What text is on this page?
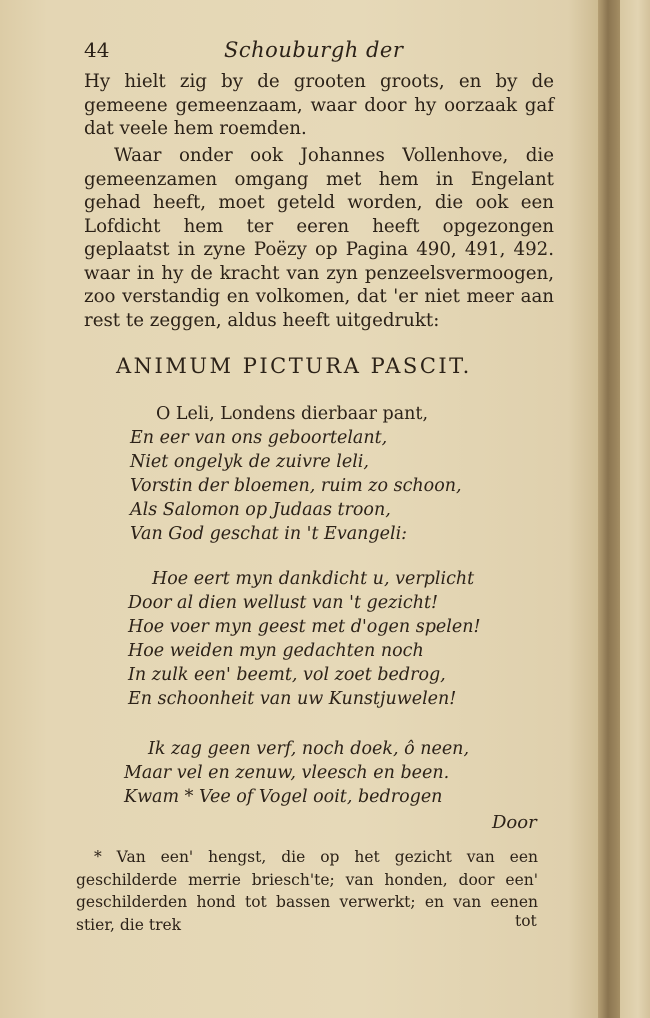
44	Schouburgh der

Hy hielt zig by de grooten groots, en by de gemeene gemeenzaam, waar door hy oorzaak gaf dat veele hem roemden.

Waar onder ook Johannes Vollenhove, die gemeenzamen omgang met hem in Engelant gehad heeft, moet geteld worden, die ook een Lofdicht hem ter eeren heeft opgezongen geplaatst in zyne Poëzy op Pagina 490, 491, 492. waar in hy de kracht van zyn penzeelsvermoogen, zoo verstandig en volkomen, dat 'er niet meer aan rest te zeggen, aldus heeft uitgedrukt:

ANIMUM PICTURA PASCIT.
O Leli, Londens dierbaar pant,
En eer van ons geboortelant,
Niet ongelyk de zuivre leli,
Vorstin der bloemen, ruim zo schoon,
Als Salomon op Judaas troon,
Van God geschat in 't Evangeli:
Hoe eert myn dankdicht u, verplicht
Door al dien wellust van 't gezicht!
Hoe voer myn geest met d'ogen spelen!
Hoe weiden myn gedachten noch
In zulk een' beemt, vol zoet bedrog,
En schoonheit van uw Kunstjuwelen!
Ik zag geen verf, noch doek, ô neen,
Maar vel en zenuw, vleesch en been.
Kwam * Vee of Vogel ooit, bedrogen
Door

* Van een' hengst, die op het gezicht van een geschilderde merrie briesch'te; van honden, door een' geschilderden hond tot bassen verwerkt; en van eenen stier, die trek	tot
